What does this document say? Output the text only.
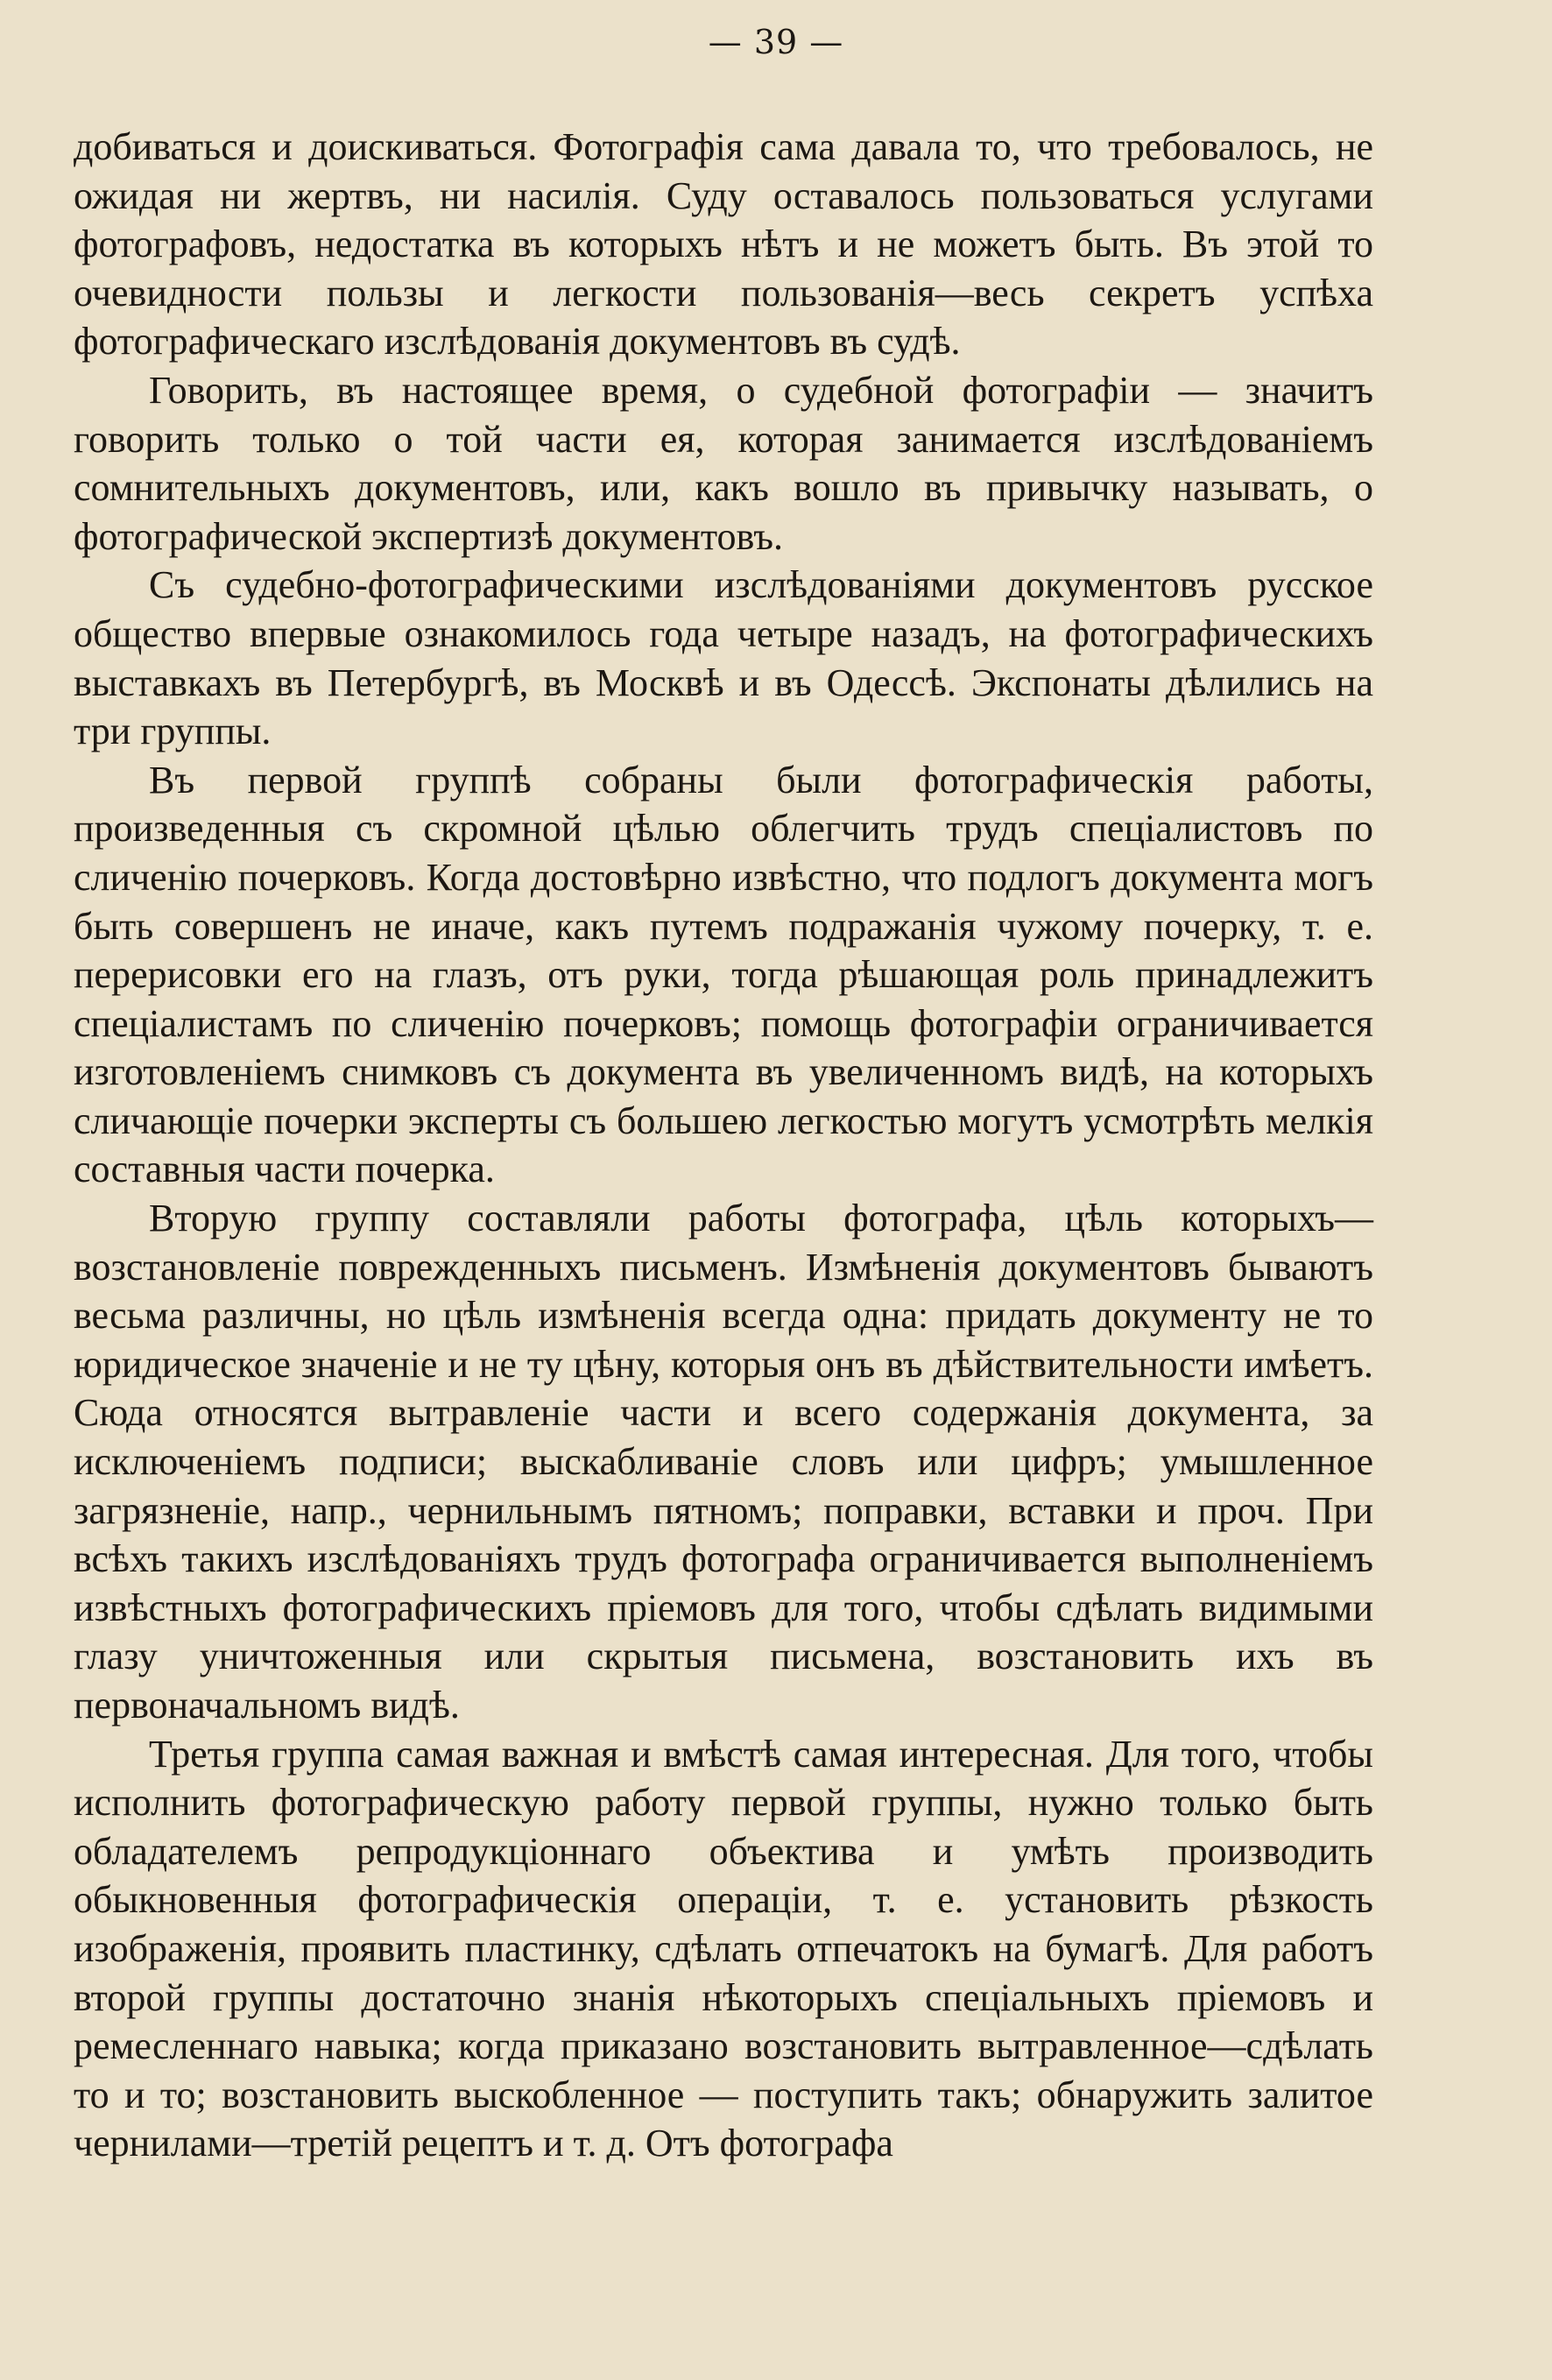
— 39 —

добиваться и доискиваться. Фотографія сама давала то, что требовалось, не ожидая ни жертвъ, ни насилія. Суду оставалось пользоваться услугами фотографовъ, недостатка въ которыхъ нѣтъ и не можетъ быть. Въ этой то очевидности пользы и легкости пользованія—весь секретъ успѣха фотографическаго изслѣдованія документовъ въ судѣ.

Говорить, въ настоящее время, о судебной фотографіи — значитъ говорить только о той части ея, которая занимается изслѣдованіемъ сомнительныхъ документовъ, или, какъ вошло въ привычку называть, о фотографической экспертизѣ документовъ.

Съ судебно-фотографическими изслѣдованіями документовъ русское общество впервые ознакомилось года четыре назадъ, на фотографическихъ выставкахъ въ Петербургѣ, въ Москвѣ и въ Одессѣ. Экспонаты дѣлились на три группы.

Въ первой группѣ собраны были фотографическія работы, произведенныя съ скромной цѣлью облегчить трудъ спеціалистовъ по сличенію почерковъ. Когда достовѣрно извѣстно, что подлогъ документа могъ быть совершенъ не иначе, какъ путемъ подражанія чужому почерку, т. е. перерисовки его на глазъ, отъ руки, тогда рѣшающая роль принадлежитъ спеціалистамъ по сличенію почерковъ; помощь фотографіи ограничивается изготовленіемъ снимковъ съ документа въ увеличенномъ видѣ, на которыхъ сличающіе почерки эксперты съ большею легкостью могутъ усмотрѣть мелкія составныя части почерка.

Вторую группу составляли работы фотографа, цѣль которыхъ—возстановленіе поврежденныхъ письменъ. Измѣненія документовъ бываютъ весьма различны, но цѣль измѣненія всегда одна: придать документу не то юридическое значеніе и не ту цѣну, которыя онъ въ дѣйствительности имѣетъ. Сюда относятся вытравленіе части и всего содержанія документа, за исключеніемъ подписи; выскабливаніе словъ или цифръ; умышленное загрязненіе, напр., чернильнымъ пятномъ; поправки, вставки и проч. При всѣхъ такихъ изслѣдованіяхъ трудъ фотографа ограничивается выполненіемъ извѣстныхъ фотографическихъ пріемовъ для того, чтобы сдѣлать видимыми глазу уничтоженныя или скрытыя письмена, возстановить ихъ въ первоначальномъ видѣ.

Третья группа самая важная и вмѣстѣ самая интересная. Для того, чтобы исполнить фотографическую работу первой группы, нужно только быть обладателемъ репродукціоннаго объектива и умѣть производить обыкновенныя фотографическія операціи, т. е. установить рѣзкость изображенія, проявить пластинку, сдѣлать отпечатокъ на бумагѣ. Для работъ второй группы достаточно знанія нѣкоторыхъ спеціальныхъ пріемовъ и ремесленнаго навыка; когда приказано возстановить вытравленное—сдѣлать то и то; возстановить выскобленное — поступить такъ; обнаружить залитое чернилами—третій рецептъ и т. д. Отъ фотографа
